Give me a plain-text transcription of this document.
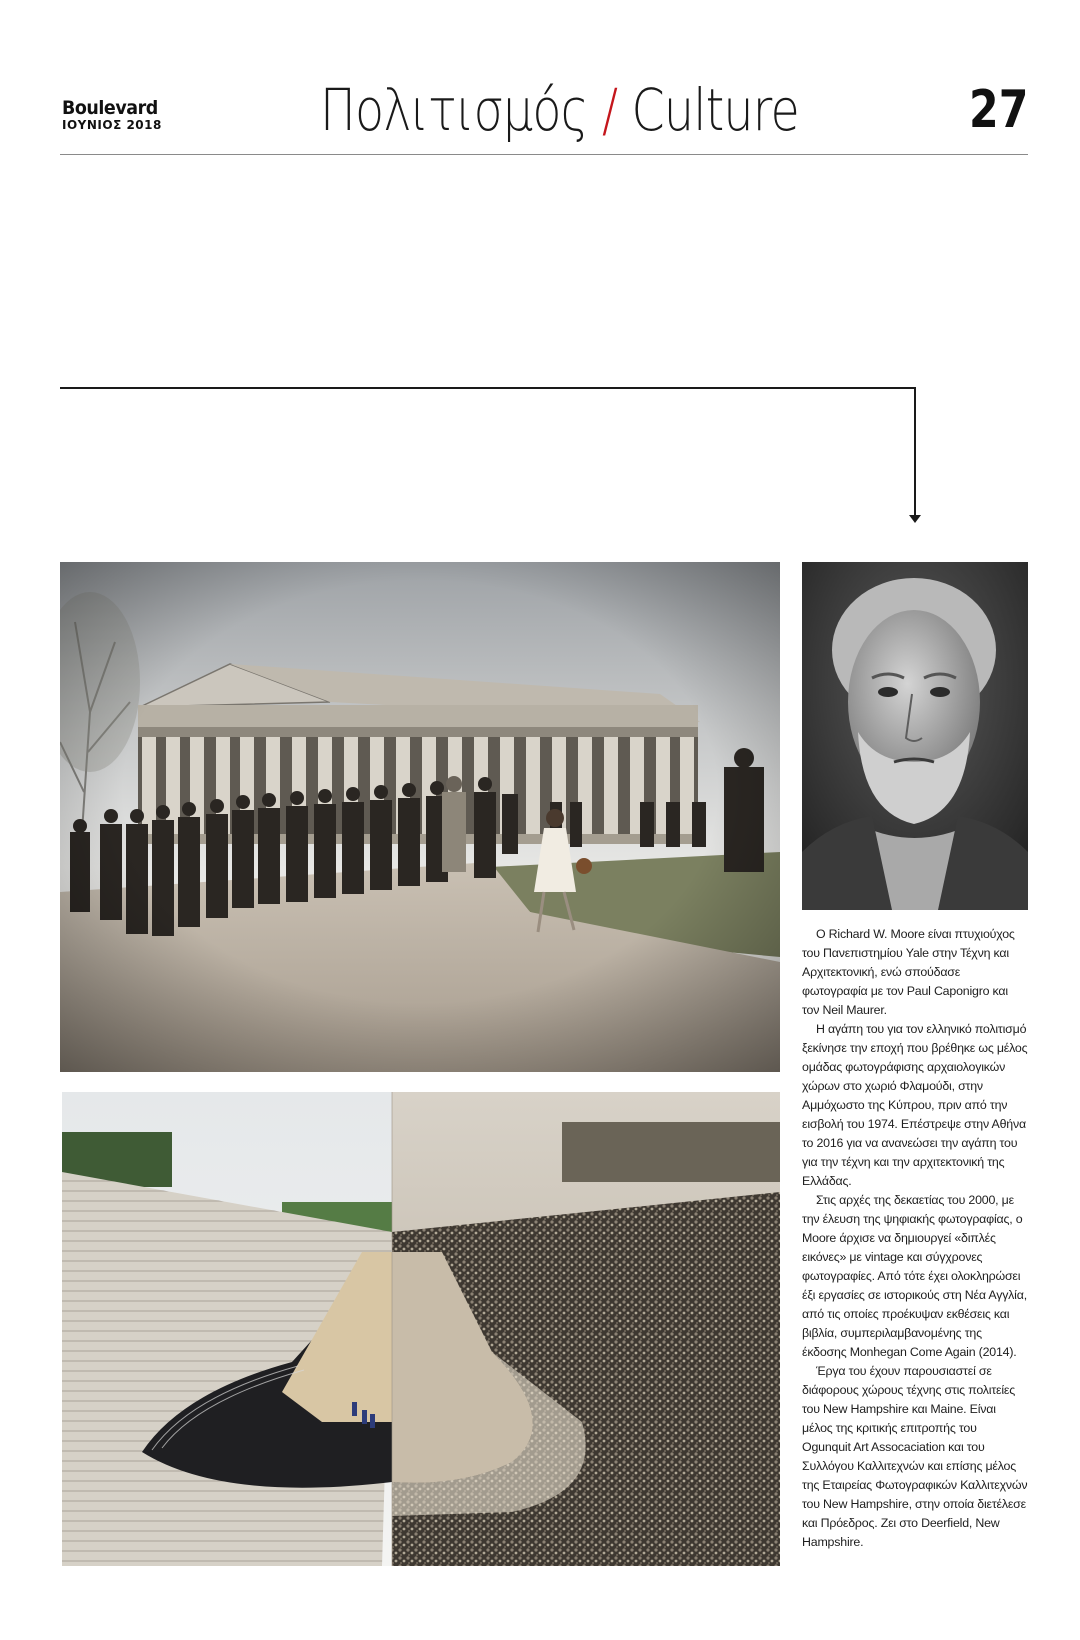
Boulevard
ΙΟΥΝΙΟΣ 2018	Πολιτισμός / Culture	27

O Richard W. Moore είναι πτυχιούχος του Πανεπιστημίου Yale στην Τέχνη και Αρχιτεκτονική, ενώ σπούδασε φωτογραφία με τον Paul Caponigro και τον Neil Maurer.

Η αγάπη του για τον ελληνικό πολιτισμό ξεκίνησε την εποχή που βρέθηκε ως μέλος ομάδας φωτογράφισης αρχαιολογικών χώρων στο χωριό Φλαμούδι, στην Αμμόχωστο της Κύπρου, πριν από την εισβολή του 1974. Επέστρεψε στην Αθήνα το 2016 για να ανανεώσει την αγάπη του για την τέχνη και την αρχιτεκτονική της Ελλάδας.

Στις αρχές της δεκαετίας του 2000, με την έλευση της ψηφιακής φωτογραφίας, ο Moore άρχισε να δημιουργεί «διπλές εικόνες» με vintage και σύγχρονες φωτογραφίες. Από τότε έχει ολοκληρώσει έξι εργασίες σε ιστορικούς στη Νέα Αγγλία, από τις οποίες προέκυψαν εκθέσεις και βιβλία, συμπεριλαμβανομένης της έκδοσης Monhegan Come Again (2014).

Έργα του έχουν παρουσιαστεί σε διάφορους χώρους τέχνης στις πολιτείες του New Hampshire και Maine. Είναι μέλος της κριτικής επιτροπής του Ogunquit Art Assocaciation και του Συλλόγου Καλλιτεχνών και επίσης μέλος της Εταιρείας Φωτογραφικών Καλλιτεχνών του New Hampshire, στην οποία διετέλεσε και Πρόεδρος. Ζει στο Deerfield, New Hampshire.
